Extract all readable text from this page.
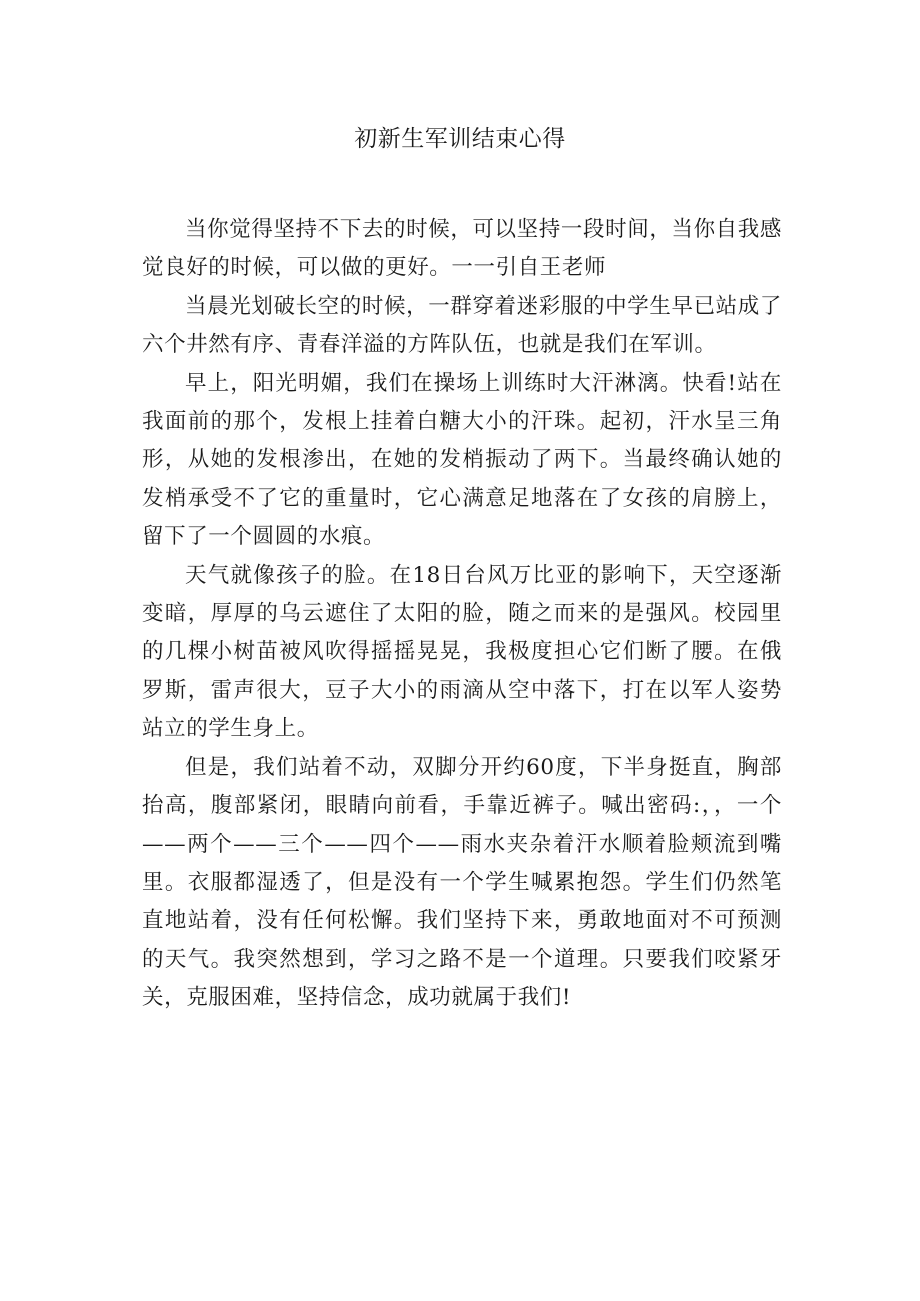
初新生军训结束心得

当你觉得坚持不下去的时候，可以坚持一段时间，当你自我感觉良好的时候，可以做的更好。一一引自王老师

当晨光划破长空的时候，一群穿着迷彩服的中学生早已站成了六个井然有序、青春洋溢的方阵队伍，也就是我们在军训。

早上，阳光明媚，我们在操场上训练时大汗淋漓。快看!站在我面前的那个，发根上挂着白糖大小的汗珠。起初，汗水呈三角形，从她的发根渗出，在她的发梢振动了两下。当最终确认她的发梢承受不了它的重量时，它心满意足地落在了女孩的肩膀上，留下了一个圆圆的水痕。

天气就像孩子的脸。在18日台风万比亚的影响下，天空逐渐变暗，厚厚的乌云遮住了太阳的脸，随之而来的是强风。校园里的几棵小树苗被风吹得摇摇晃晃，我极度担心它们断了腰。在俄罗斯，雷声很大，豆子大小的雨滴从空中落下，打在以军人姿势站立的学生身上。

但是，我们站着不动，双脚分开约60度，下半身挺直，胸部抬高，腹部紧闭，眼睛向前看，手靠近裤子。喊出密码:，，一个——两个——三个——四个——雨水夹杂着汗水顺着脸颊流到嘴里。衣服都湿透了，但是没有一个学生喊累抱怨。学生们仍然笔直地站着，没有任何松懈。我们坚持下来，勇敢地面对不可预测的天气。我突然想到，学习之路不是一个道理。只要我们咬紧牙关，克服困难，坚持信念，成功就属于我们!
